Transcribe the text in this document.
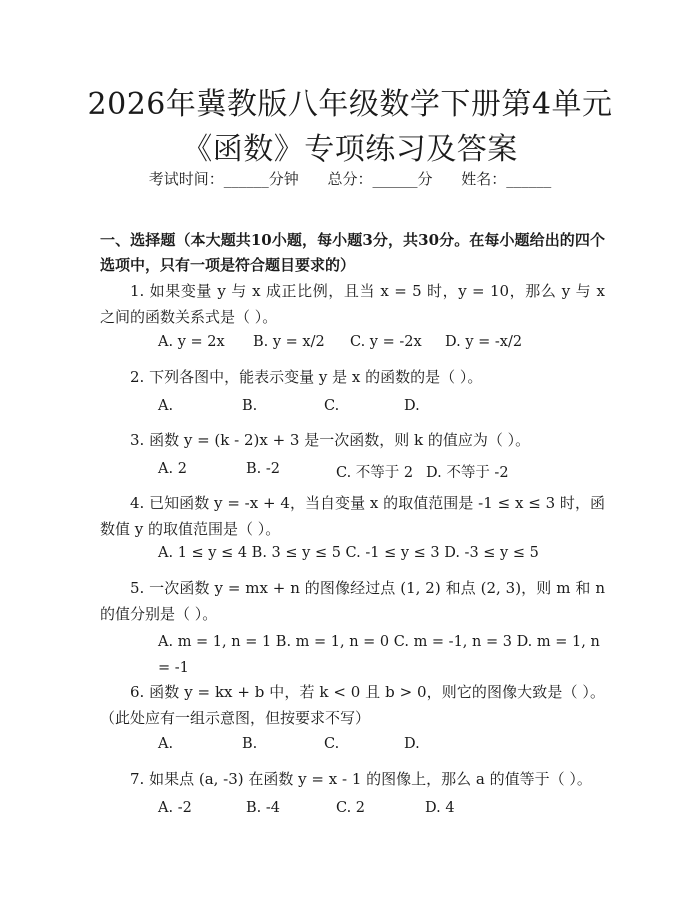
2026年冀教版八年级数学下册第4单元《函数》专项练习及答案
考试时间：______分钟 总分：______分 姓名：______
一、选择题（本大题共10小题，每小题3分，共30分。在每小题给出的四个选项中，只有一项是符合题目要求的）
1. 如果变量 y 与 x 成正比例，且当 x = 5 时，y = 10，那么 y 与 x 之间的函数关系式是（ ）。
A. y = 2x B. y = x/2 C. y = -2x D. y = -x/2
2. 下列各图中，能表示变量 y 是 x 的函数的是（ ）。
A.	B.	C.	D.
3. 函数 y = (k - 2)x + 3 是一次函数，则 k 的值应为（ ）。
A. 2	B. -2	C. 不等于 2 D. 不等于 -2
4. 已知函数 y = -x + 4，当自变量 x 的取值范围是 -1 ≤ x ≤ 3 时，函数值 y 的取值范围是（ ）。
A. 1 ≤ y ≤ 4 B. 3 ≤ y ≤ 5 C. -1 ≤ y ≤ 3 D. -3 ≤ y ≤ 5
5. 一次函数 y = mx + n 的图像经过点 (1, 2) 和点 (2, 3)，则 m 和 n 的值分别是（ ）。
A. m = 1, n = 1 B. m = 1, n = 0 C. m = -1, n = 3 D. m = 1, n = -1
6. 函数 y = kx + b 中，若 k < 0 且 b > 0，则它的图像大致是（ ）。（此处应有一组示意图，但按要求不写）
A.	B.	C.	D.
7. 如果点 (a, -3) 在函数 y = x - 1 的图像上，那么 a 的值等于（ ）。
A. -2	B. -4	C. 2	D. 4
